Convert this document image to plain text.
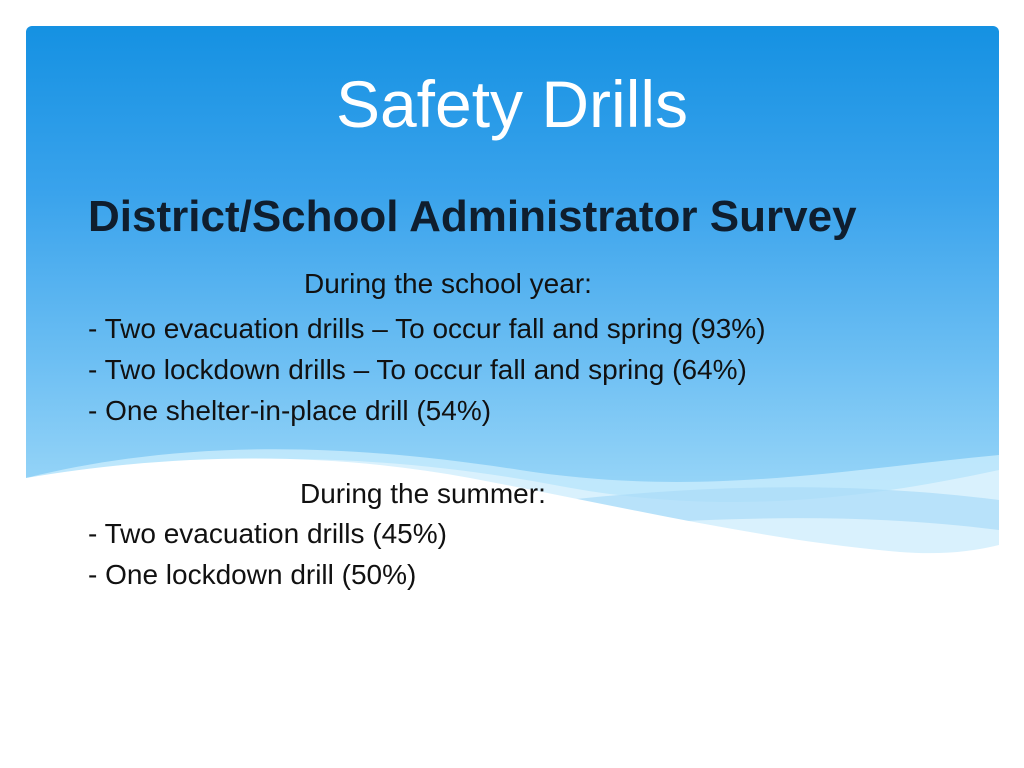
Safety Drills
District/School Administrator Survey

During the school year:

- Two evacuation drills – To occur fall and spring (93%)

- Two lockdown drills – To occur fall and spring (64%)

- One shelter-in-place drill (54%)

During the summer:

- Two evacuation drills (45%)

- One lockdown drill (50%)
